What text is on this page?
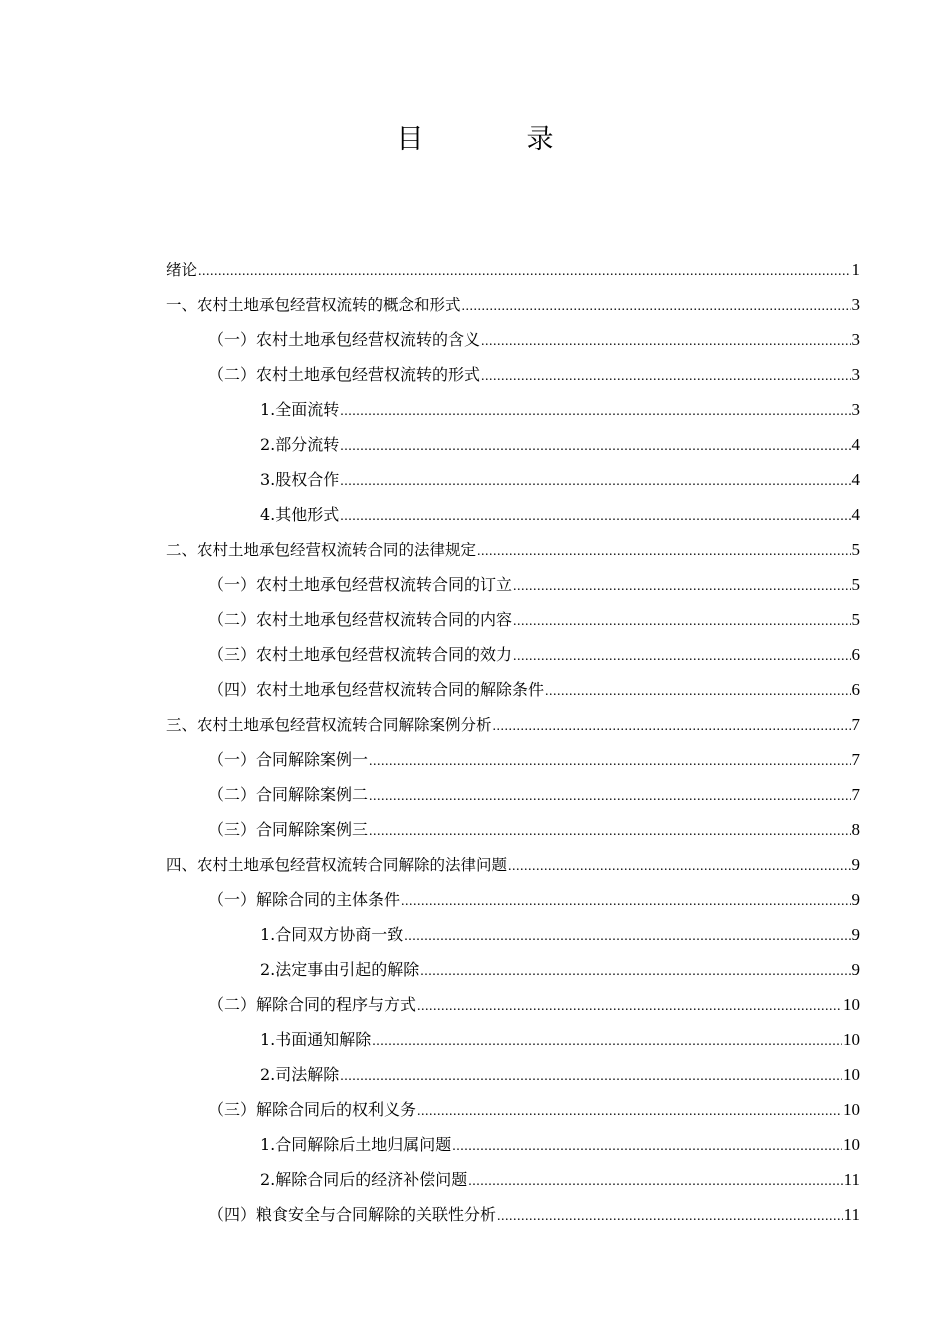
目　录
绪论 .....	1
一、农村土地承包经营权流转的概念和形式 .....	3
（一）农村土地承包经营权流转的含义 .....	3
（二）农村土地承包经营权流转的形式 .....	3
1.全面流转 .....	3
2.部分流转 .....	4
3.股权合作 .....	4
4.其他形式 .....	4
二、农村土地承包经营权流转合同的法律规定 .....	5
（一）农村土地承包经营权流转合同的订立 .....	5
（二）农村土地承包经营权流转合同的内容 .....	5
（三）农村土地承包经营权流转合同的效力 .....	6
（四）农村土地承包经营权流转合同的解除条件 .....	6
三、农村土地承包经营权流转合同解除案例分析 .....	7
（一）合同解除案例一 .....	7
（二）合同解除案例二 .....	7
（三）合同解除案例三 .....	8
四、农村土地承包经营权流转合同解除的法律问题 .....	9
（一）解除合同的主体条件 .....	9
1.合同双方协商一致 .....	9
2.法定事由引起的解除 .....	9
（二）解除合同的程序与方式 .....	10
1.书面通知解除 .....	10
2.司法解除 .....	10
（三）解除合同后的权利义务 .....	10
1.合同解除后土地归属问题 .....	10
2.解除合同后的经济补偿问题 .....	11
（四）粮食安全与合同解除的关联性分析 .....	11
